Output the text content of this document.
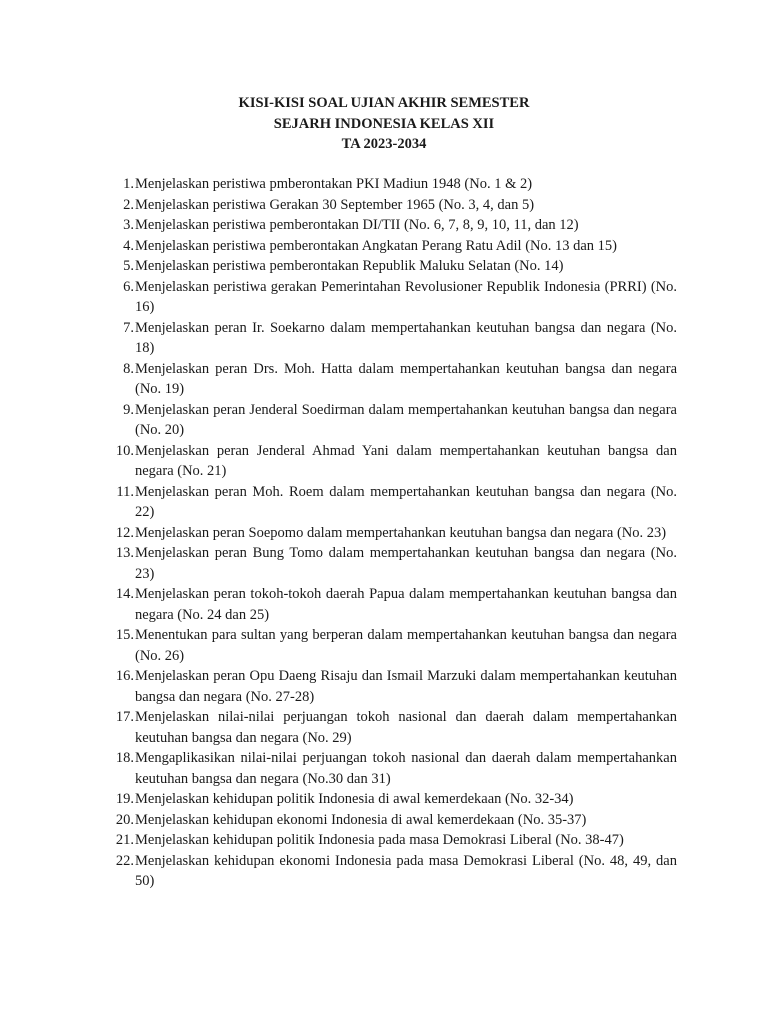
KISI-KISI SOAL UJIAN AKHIR SEMESTER
SEJARH INDONESIA KELAS XII
TA 2023-2034
1. Menjelaskan peristiwa pmberontakan PKI Madiun 1948 (No. 1 & 2)
2. Menjelaskan peristiwa Gerakan 30 September 1965 (No. 3, 4, dan 5)
3. Menjelaskan peristiwa pemberontakan DI/TII (No. 6, 7, 8, 9, 10, 11, dan 12)
4. Menjelaskan peristiwa pemberontakan Angkatan Perang Ratu Adil (No. 13 dan 15)
5. Menjelaskan peristiwa pemberontakan Republik Maluku Selatan (No. 14)
6. Menjelaskan peristiwa gerakan Pemerintahan Revolusioner Republik Indonesia (PRRI) (No. 16)
7. Menjelaskan peran Ir. Soekarno dalam mempertahankan keutuhan bangsa dan negara (No. 18)
8. Menjelaskan peran Drs. Moh. Hatta dalam mempertahankan keutuhan bangsa dan negara (No. 19)
9. Menjelaskan peran Jenderal Soedirman dalam mempertahankan keutuhan bangsa dan negara (No. 20)
10. Menjelaskan peran Jenderal Ahmad Yani dalam mempertahankan keutuhan bangsa dan negara (No. 21)
11. Menjelaskan peran Moh. Roem dalam mempertahankan keutuhan bangsa dan negara (No. 22)
12. Menjelaskan peran Soepomo dalam mempertahankan keutuhan bangsa dan negara (No. 23)
13. Menjelaskan peran Bung Tomo dalam mempertahankan keutuhan bangsa dan negara (No. 23)
14. Menjelaskan peran tokoh-tokoh daerah Papua dalam mempertahankan keutuhan bangsa dan negara (No. 24 dan 25)
15. Menentukan para sultan yang berperan dalam mempertahankan keutuhan bangsa dan negara (No. 26)
16. Menjelaskan peran Opu Daeng Risaju dan Ismail Marzuki dalam mempertahankan keutuhan bangsa dan negara (No. 27-28)
17. Menjelaskan nilai-nilai perjuangan tokoh nasional dan daerah dalam mempertahankan keutuhan bangsa dan negara (No. 29)
18. Mengaplikasikan nilai-nilai perjuangan tokoh nasional dan daerah dalam mempertahankan keutuhan bangsa dan negara (No.30 dan 31)
19. Menjelaskan kehidupan politik Indonesia di awal kemerdekaan (No. 32-34)
20. Menjelaskan kehidupan ekonomi Indonesia di awal kemerdekaan (No. 35-37)
21. Menjelaskan kehidupan politik Indonesia pada masa Demokrasi Liberal (No. 38-47)
22. Menjelaskan kehidupan ekonomi Indonesia pada masa Demokrasi Liberal (No. 48, 49, dan 50)
